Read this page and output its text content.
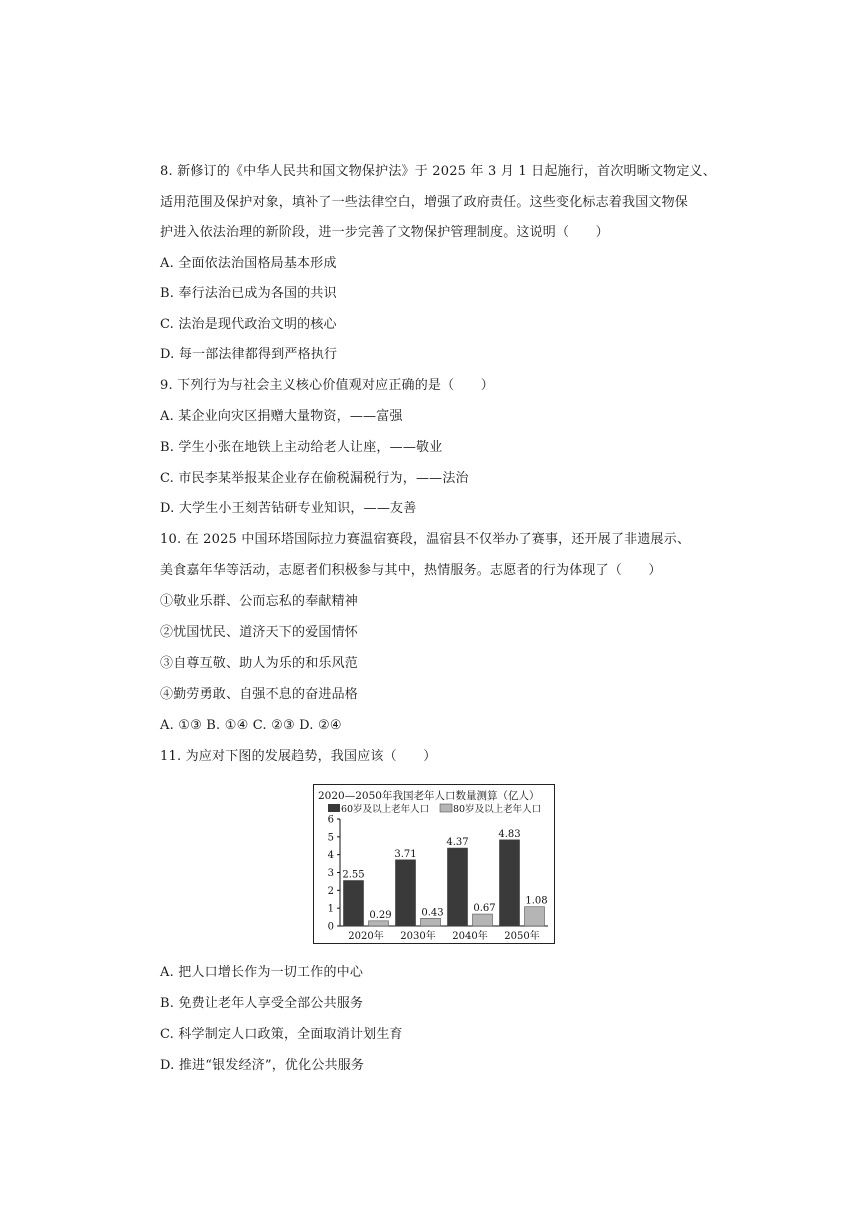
8. 新修订的《中华人民共和国文物保护法》于 2025 年 3 月 1 日起施行，首次明晰文物定义、
适用范围及保护对象，填补了一些法律空白，增强了政府责任。这些变化标志着我国文物保
护进入依法治理的新阶段，进一步完善了文物保护管理制度。这说明（　　）
A. 全面依法治国格局基本形成
B. 奉行法治已成为各国的共识
C. 法治是现代政治文明的核心
D. 每一部法律都得到严格执行
9. 下列行为与社会主义核心价值观对应正确的是（　　）
A. 某企业向灾区捐赠大量物资，——富强
B. 学生小张在地铁上主动给老人让座，——敬业
C. 市民李某举报某企业存在偷税漏税行为，——法治
D. 大学生小王刻苦钻研专业知识，——友善
10. 在 2025 中国环塔国际拉力赛温宿赛段，温宿县不仅举办了赛事，还开展了非遗展示、
美食嘉年华等活动，志愿者们积极参与其中，热情服务。志愿者的行为体现了（　　）
①敬业乐群、公而忘私的奉献精神
②忧国忧民、道济天下的爱国情怀
③自尊互敬、助人为乐的和乐风范
④勤劳勇敢、自强不息的奋进品格
A. ①③ B. ①④ C. ②③ D. ②④
11. 为应对下图的发展趋势，我国应该（　　）
2020—2050年我国老年人口数量测算（亿人）
60岁及以上老年人口	80岁及以上老年人口
0
1
2
3
4
5
6
2.55
0.29
2020年
3.71
0.43
2030年
4.37
0.67
2040年
4.83
1.08
2050年
A. 把人口增长作为一切工作的中心
B. 免费让老年人享受全部公共服务
C. 科学制定人口政策，全面取消计划生育
D. 推进“银发经济”，优化公共服务
